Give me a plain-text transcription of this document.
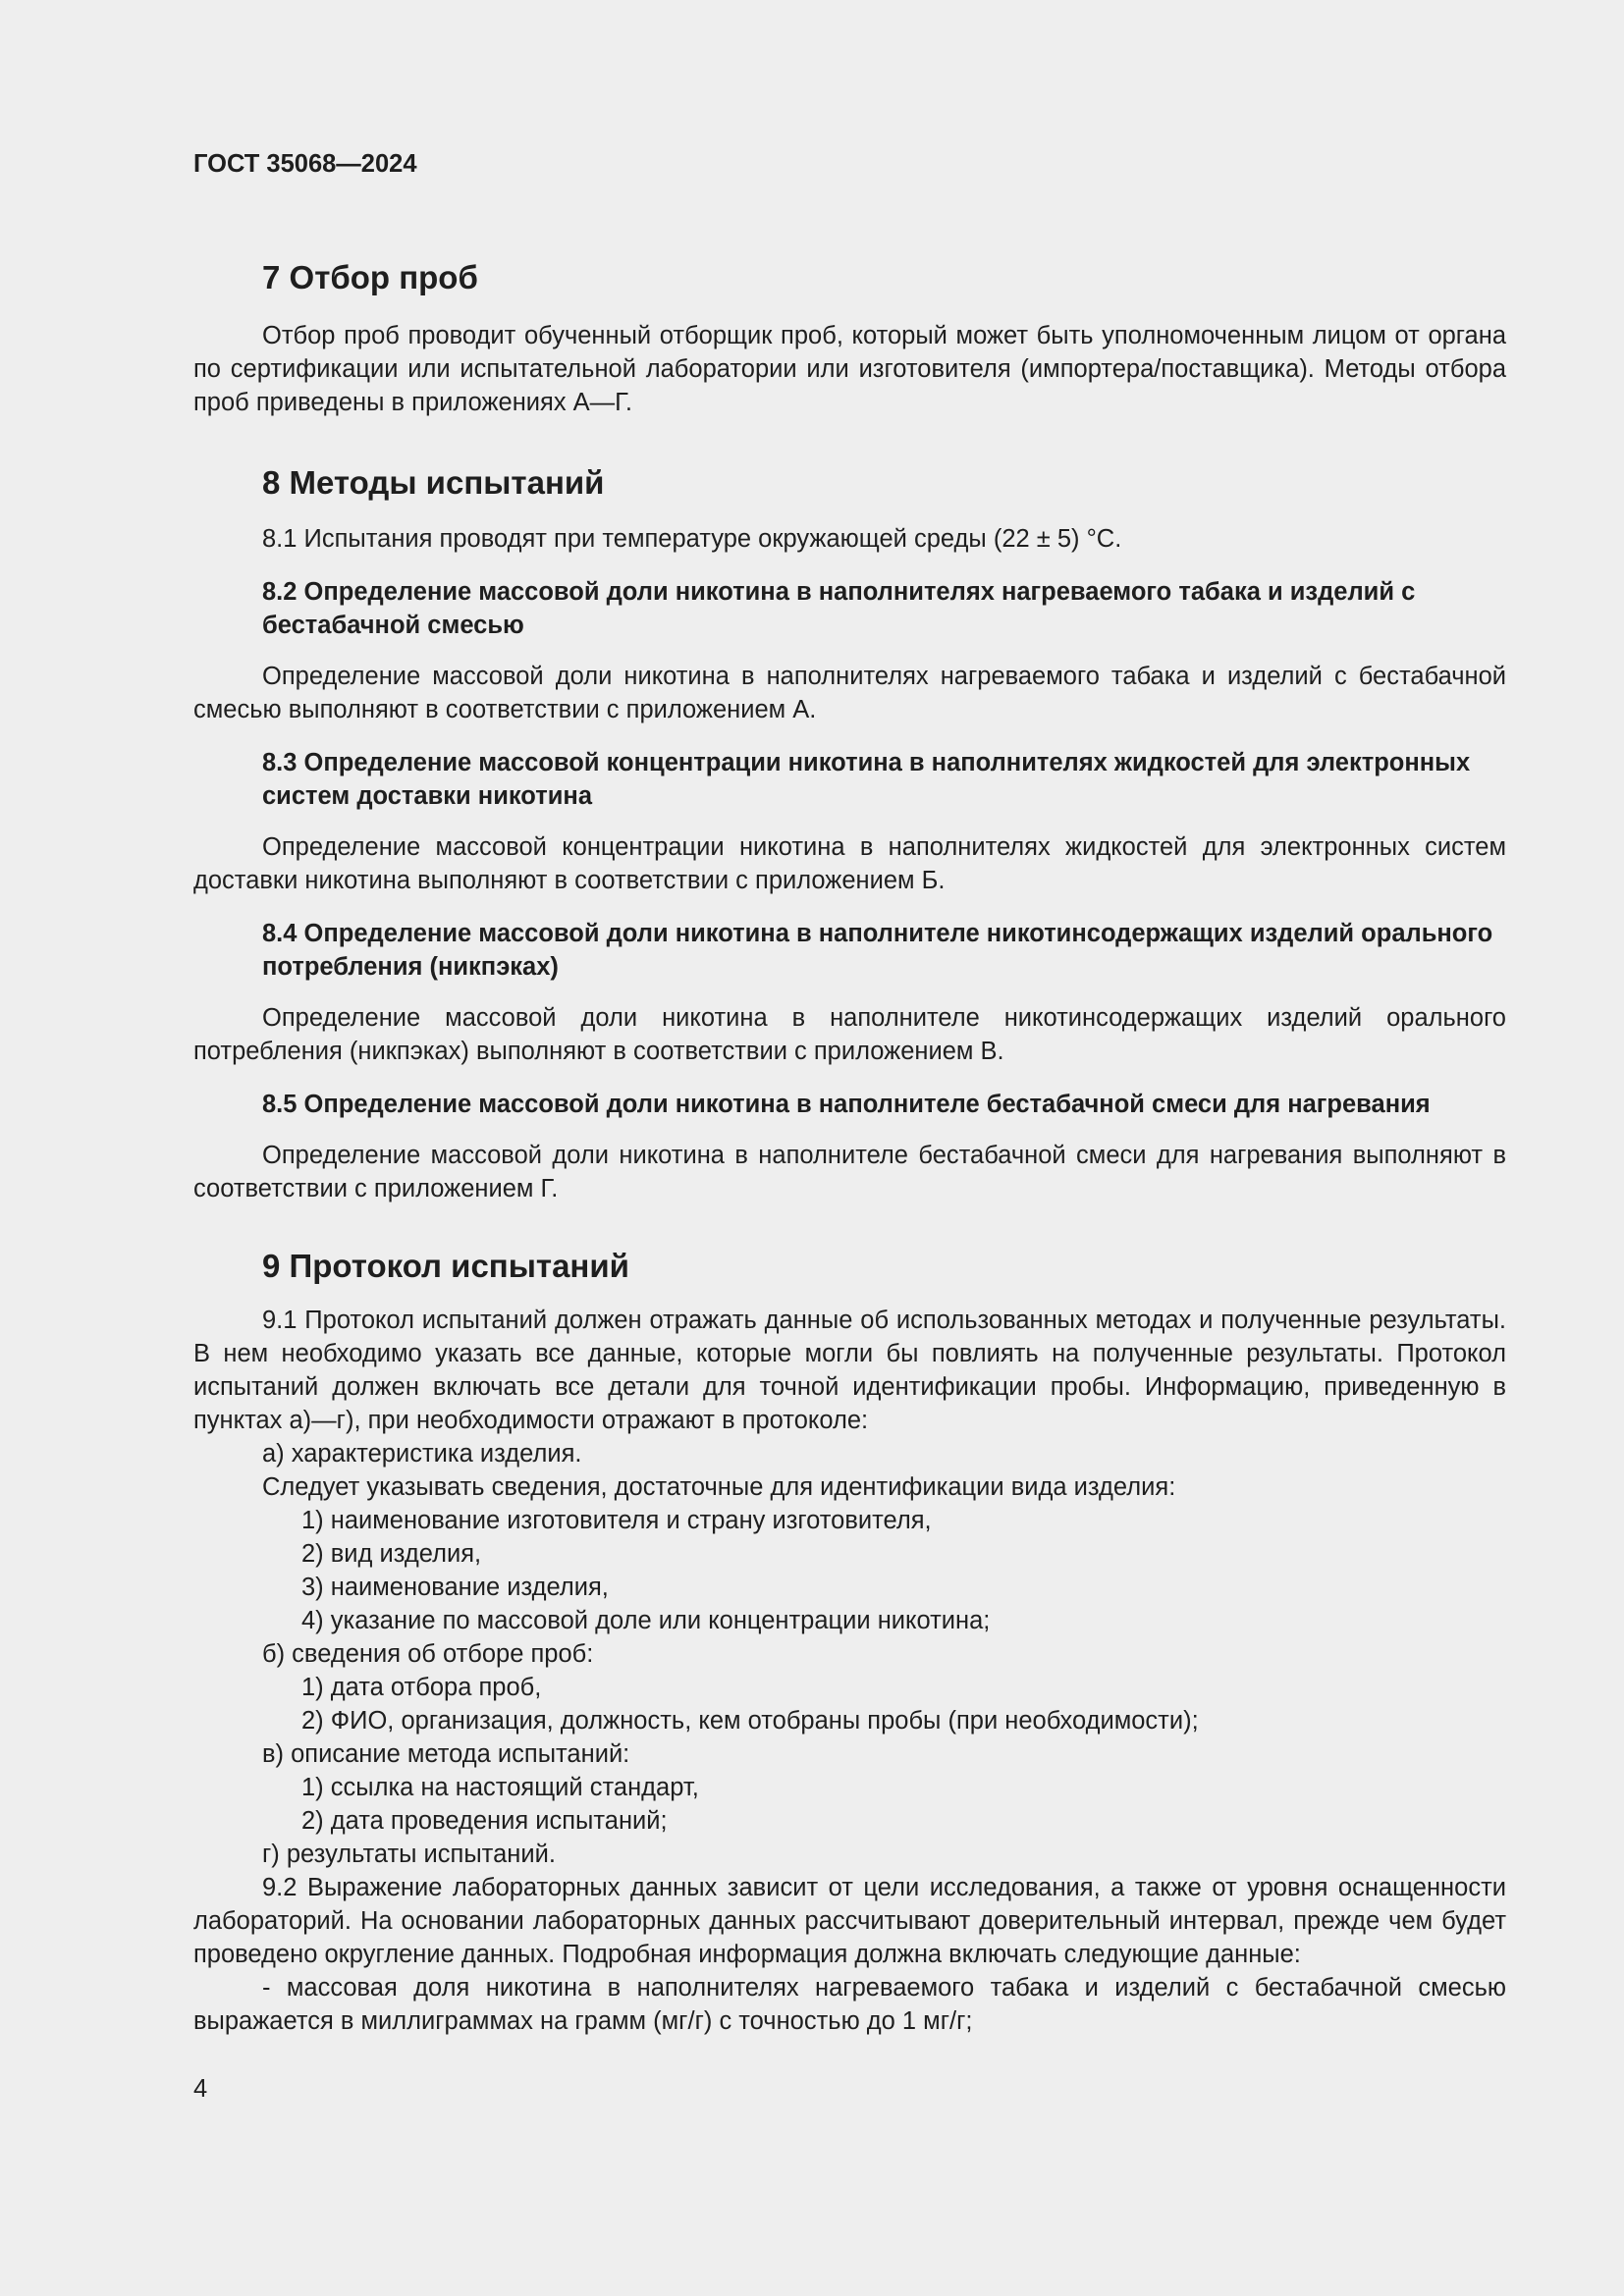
ГОСТ 35068—2024

7 Отбор проб

Отбор проб проводит обученный отборщик проб, который может быть уполномоченным лицом от органа по сертификации или испытательной лаборатории или изготовителя (импортера/поставщика). Методы отбора проб приведены в приложениях А—Г.

8 Методы испытаний

8.1 Испытания проводят при температуре окружающей среды (22 ± 5) °С.

8.2 Определение массовой доли никотина в наполнителях нагреваемого табака и изделий с бестабачной смесью

Определение массовой доли никотина в наполнителях нагреваемого табака и изделий с бестабачной смесью выполняют в соответствии с приложением А.

8.3 Определение массовой концентрации никотина в наполнителях жидкостей для электронных систем доставки никотина

Определение массовой концентрации никотина в наполнителях жидкостей для электронных систем доставки никотина выполняют в соответствии с приложением Б.

8.4 Определение массовой доли никотина в наполнителе никотинсодержащих изделий орального потребления (никпэках)

Определение массовой доли никотина в наполнителе никотинсодержащих изделий орального потребления (никпэках) выполняют в соответствии с приложением В.

8.5 Определение массовой доли никотина в наполнителе бестабачной смеси для нагревания

Определение массовой доли никотина в наполнителе бестабачной смеси для нагревания выполняют в соответствии с приложением Г.

9 Протокол испытаний

9.1 Протокол испытаний должен отражать данные об использованных методах и полученные результаты. В нем необходимо указать все данные, которые могли бы повлиять на полученные результаты. Протокол испытаний должен включать все детали для точной идентификации пробы. Информацию, приведенную в пунктах а)—г), при необходимости отражают в протоколе:

а) характеристика изделия.

Следует указывать сведения, достаточные для идентификации вида изделия:

1) наименование изготовителя и страну изготовителя,

2) вид изделия,

3) наименование изделия,

4) указание по массовой доле или концентрации никотина;

б) сведения об отборе проб:

1) дата отбора проб,

2) ФИО, организация, должность, кем отобраны пробы (при необходимости);

в) описание метода испытаний:

1) ссылка на настоящий стандарт,

2) дата проведения испытаний;

г) результаты испытаний.

9.2 Выражение лабораторных данных зависит от цели исследования, а также от уровня оснащенности лабораторий. На основании лабораторных данных рассчитывают доверительный интервал, прежде чем будет проведено округление данных. Подробная информация должна включать следующие данные:

- массовая доля никотина в наполнителях нагреваемого табака и изделий с бестабачной смесью выражается в миллиграммах на грамм (мг/г) с точностью до 1 мг/г;

4
